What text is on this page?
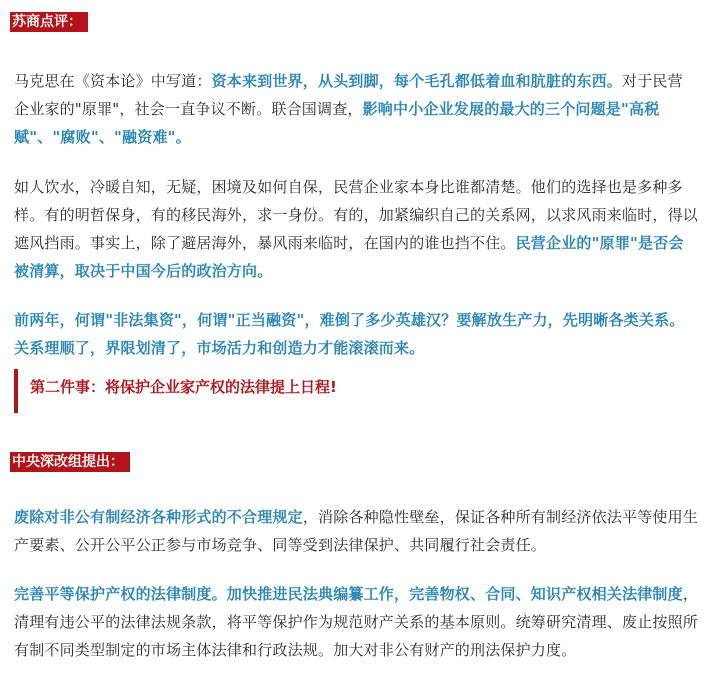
苏商点评：

马克思在《资本论》中写道：资本来到世界，从头到脚，每个毛孔都低着血和肮脏的东西。对于民营企业家的"原罪"，社会一直争议不断。联合国调查，影响中小企业发展的最大的三个问题是"高税赋"、"腐败"、"融资难"。

如人饮水，冷暖自知，无疑，困境及如何自保，民营企业家本身比谁都清楚。他们的选择也是多种多样。有的明哲保身，有的移民海外，求一身份。有的，加紧编织自己的关系网，以求风雨来临时，得以遮风挡雨。事实上，除了避居海外，暴风雨来临时，在国内的谁也挡不住。民营企业的"原罪"是否会被清算，取决于中国今后的政治方向。

前两年，何谓"非法集资"，何谓"正当融资"，难倒了多少英雄汉？要解放生产力，先明晰各类关系。关系理顺了，界限划清了，市场活力和创造力才能滚滚而来。

第二件事：将保护企业家产权的法律提上日程!
中央深改组提出：

废除对非公有制经济各种形式的不合理规定，消除各种隐性壁垒，保证各种所有制经济依法平等使用生产要素、公开公平公正参与市场竞争、同等受到法律保护、共同履行社会责任。

完善平等保护产权的法律制度。加快推进民法典编纂工作，完善物权、合同、知识产权相关法律制度，清理有违公平的法律法规条款，将平等保护作为规范财产关系的基本原则。统筹研究清理、废止按照所有制不同类型制定的市场主体法律和行政法规。加大对非公有财产的刑法保护力度。
